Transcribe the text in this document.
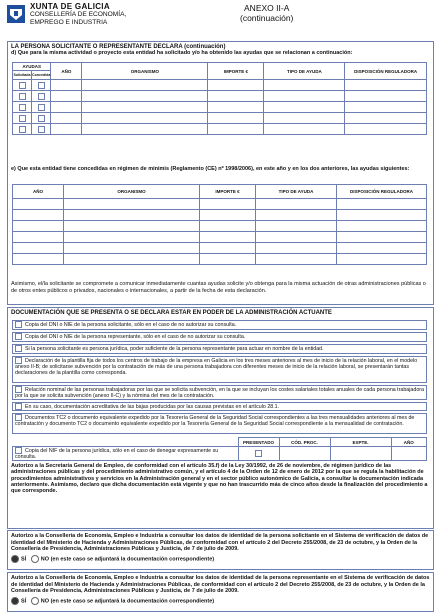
XUNTA DE GALICIA
CONSELLERÍA DE ECONOMÍA,
EMPREGO E INDUSTRIA
ANEXO II-A
(continuación)
LA PERSONA SOLICITANTE O REPRESENTANTE DECLARA (continuación)
d) Que para la misma actividad o proyecto esta entidad ha solicitado y/o ha obtenido las ayudas que se relacionan a continuación:
AYUDAS		AÑO	ORGANISMO	IMPORTE €	TIPO DE AYUDA	DISPOSICIÓN REGULADORA
Solicitada	Concedida					

e) Que esta entidad tiene concedidas en régimen de minimis (Reglamento (CE) nº 1998/2006), en este año y en los dos anteriores, las ayudas siguientes:
AÑO	ORGANISMO	IMPORTE €	TIPO DE AYUDA	DISPOSICIÓN REGULADORA

Asimismo, el/la solicitante se compromete a comunicar inmediatamente cuantas ayudas solicite y/o obtenga para la misma actuación de otras administraciones públicas o de otros entes públicos o privados, nacionales o internacionales, a partir de la fecha de esta declaración.
DOCUMENTACIÓN QUE SE PRESENTA O SE DECLARA ESTAR EN PODER DE LA ADMINISTRACIÓN ACTUANTE
Copia del DNI o NIE de la persona solicitante, sólo en el caso de no autorizar su consulta.
Copia del DNI o NIE de la persona representante, sólo en el caso de no autorizar su consulta.
Si la persona solicitante es persona jurídica, poder suficiente de la persona representante para actuar en nombre de la entidad.
Declaración de la plantilla fija de todos los centros de trabajo de la empresa en Galicia en los tres meses anteriores al mes de inicio de la relación laboral, en el modelo anexo II-B; de solicitarse subvención por la contratación de más de una persona trabajadora con diferentes meses de inicio de la relación laboral, se presentarán tantas declaraciones de la plantilla como corresponda.
Relación nominal de las personas trabajadoras por las que se solicita subvención, en la que se incluyan los costes salariales totales anuales de cada persona trabajadora por la que se solicita subvención (anexo II-C) y la nómina del mes de la contratación.
En su caso, documentación acreditativa de las bajas producidas por las causas previstas en el artículo 28.1.
Documentos TC2 o documento equivalente expedido por la Tesorería General de la Seguridad Social correspondientes a las tres mensualidades anteriores al mes de contratación y documento TC2 o documento equivalente expedido por la Tesorería General de la Seguridad Social correspondiente a la mensualidad de contratación.
	PRESENTADO	CÓD. PROC.	EXPTE.	AÑO
Copia del NIF de la persona jurídica, sólo en el caso de denegar expresamente su consulta.				
Autorizo a la Secretaría General de Empleo, de conformidad con el artículo 35.f) de la Ley 30/1992, de 26 de noviembre, de régimen jurídico de las administraciones públicas y del procedimiento administrativo común, y el artículo 4 de la Orden de 12 de enero de 2012 por la que se regula la habilitación de procedimientos administrativos y servicios en la Administración general y en el sector público autonómico de Galicia, a consultar la documentación indicada anteriormente. Asimismo, declaro que dicha documentación está vigente y que no han trascurrido más de cinco años desde la finalización del procedimiento a que corresponde.
Autorizo a la Consellería de Economía, Empleo e Industria a consultar los datos de identidad de la persona solicitante en el Sistema de verificación de datos de identidad del Ministerio de Hacienda y Administraciones Públicas, de conformidad con el artículo 2 del Decreto 255/2008, de 23 de octubre, y la Orden de la Consellería de Presidencia, Administraciones Públicas y Justicia, de 7 de julio de 2009.
SÍ	NO (en este caso se adjuntará la documentación correspondiente)
Autorizo a la Consellería de Economía, Empleo e Industria a consultar los datos de identidad de la persona representante en el Sistema de verificación de datos de identidad del Ministerio de Hacienda y Administraciones Públicas, de conformidad con el artículo 2 del Decreto 255/2008, de 23 de octubre, y la Orden de la Consellería de Presidencia, Administraciones Públicas y Justicia, de 7 de julio de 2009.
SÍ	NO (en este caso se adjuntará la documentación correspondiente)
